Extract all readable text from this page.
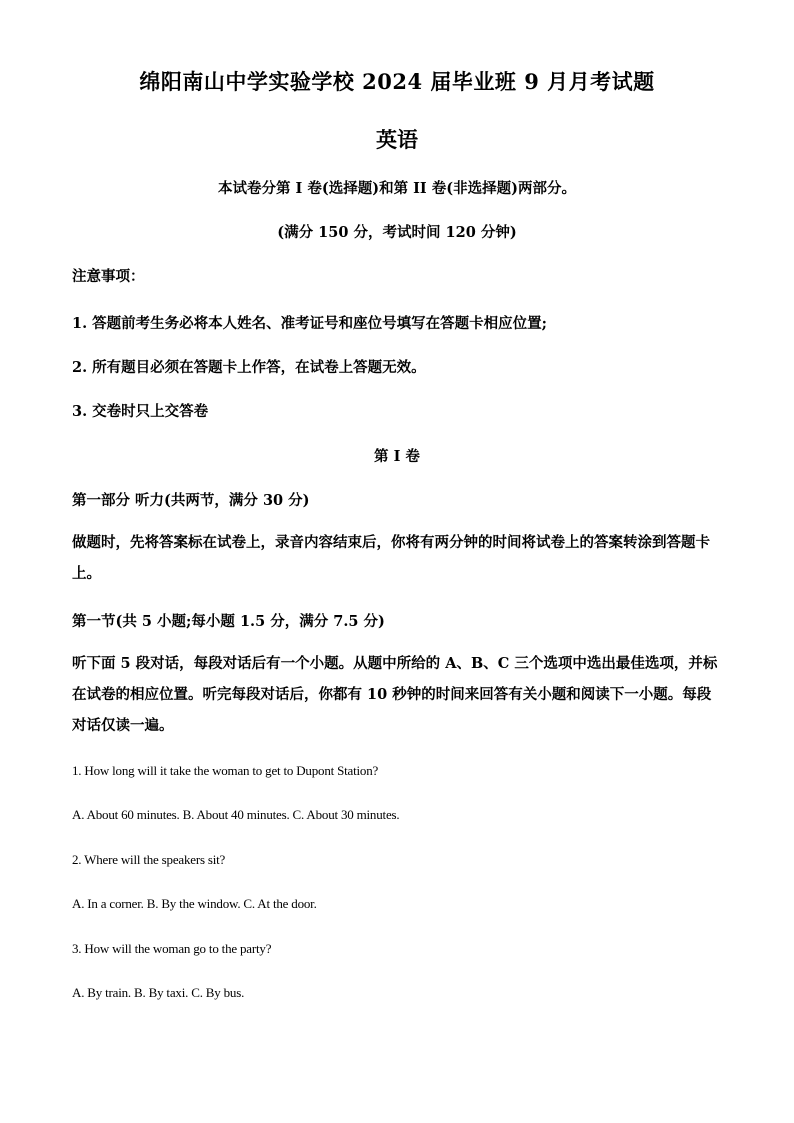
绵阳南山中学实验学校 2024 届毕业班 9 月月考试题
英语
本试卷分第 I 卷(选择题)和第 II 卷(非选择题)两部分。
(满分 150 分，考试时间 120 分钟)
注意事项：
1. 答题前考生务必将本人姓名、准考证号和座位号填写在答题卡相应位置;
2. 所有题目必须在答题卡上作答，在试卷上答题无效。
3. 交卷时只上交答卷
第 I 卷
第一部分 听力(共两节，满分 30 分)
做题时，先将答案标在试卷上，录音内容结束后，你将有两分钟的时间将试卷上的答案转涂到答题卡上。
第一节(共 5 小题;每小题 1.5 分，满分 7.5 分)
听下面 5 段对话，每段对话后有一个小题。从题中所给的 A、B、C 三个选项中选出最佳选项，并标在试卷的相应位置。听完每段对话后，你都有 10 秒钟的时间来回答有关小题和阅读下一小题。每段对话仅读一遍。
1. How long will it take the woman to get to Dupont Station?
A. About 60 minutes. B. About 40 minutes. C. About 30 minutes.
2. Where will the speakers sit?
A. In a corner. B. By the window. C. At the door.
3. How will the woman go to the party?
A. By train. B. By taxi. C. By bus.
